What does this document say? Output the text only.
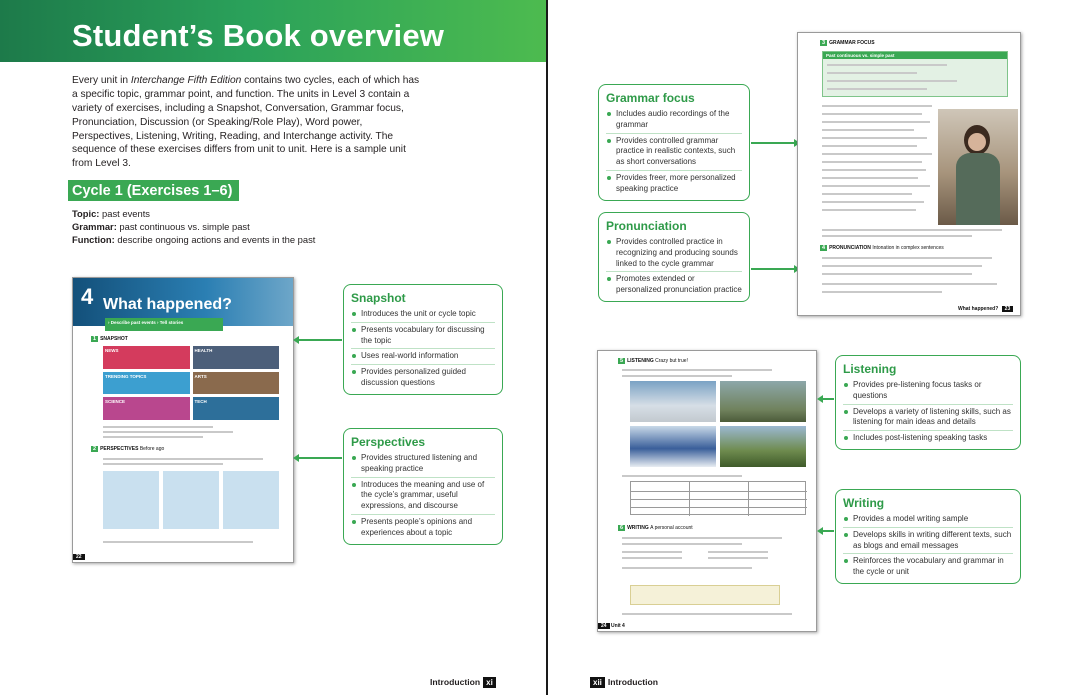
Student’s Book overview

Every unit in Interchange Fifth Edition contains two cycles, each of which has a specific topic, grammar point, and function. The units in Level 3 contain a variety of exercises, including a Snapshot, Conversation, Grammar focus, Pronunciation, Discussion (or Speaking/Role Play), Word power, Perspectives, Listening, Writing, Reading, and Interchange activity. The sequence of these exercises differs from unit to unit. Here is a sample unit from Level 3.

Cycle 1 (Exercises 1–6)
Topic: past events
Grammar: past continuous vs. simple past
Function: describe ongoing actions and events in the past
4 What happened?
› Describe past events › Tell stories
1 SNAPSHOT
NEWS	HEALTH
TRENDING TOPICS	ARTS
SCIENCE	TECH
2 PERSPECTIVES Before ago
22
Snapshot
Introduces the unit or cycle topic
Presents vocabulary for discussing the topic
Uses real-world information
Provides personalized guided discussion questions
Perspectives
Provides structured listening and speaking practice
Introduces the meaning and use of the cycle’s grammar, useful expressions, and discourse
Presents people’s opinions and experiences about a topic
Grammar focus
Includes audio recordings of the grammar
Provides controlled grammar practice in realistic contexts, such as short conversations
Provides freer, more personalized speaking practice
Pronunciation
Provides controlled practice in recognizing and producing sounds linked to the cycle grammar
Promotes extended or personalized pronunciation practice
3 GRAMMAR FOCUS
Past continuous vs. simple past
4 PRONUNCIATION Intonation in complex sentences
What happened? 23
5 LISTENING Crazy but true!
6 WRITING A personal account
24 Unit 4
Listening
Provides pre-listening focus tasks or questions
Develops a variety of listening skills, such as listening for main ideas and details
Includes post-listening speaking tasks
Writing
Provides a model writing sample
Develops skills in writing different texts, such as blogs and email messages
Reinforces the vocabulary and grammar in the cycle or unit
Introduction xi	xii Introduction
